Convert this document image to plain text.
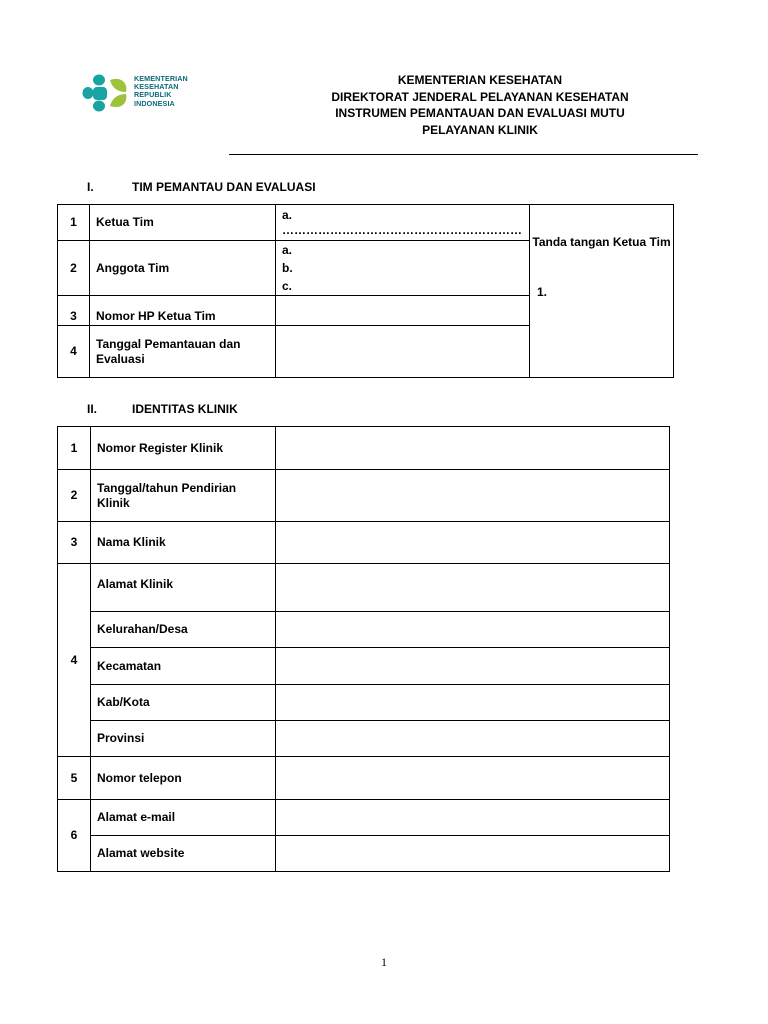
KEMENTERIAN
KESEHATAN
REPUBLIK
INDONESIA
KEMENTERIAN KESEHATAN
DIREKTORAT JENDERAL PELAYANAN KESEHATAN
INSTRUMEN PEMANTAUAN DAN EVALUASI MUTU
PELAYANAN KLINIK
I.	TIM PEMANTAU DAN EVALUASI
1	Ketua Tim	a. ……………………………………………………	Tanda tangan Ketua Tim
1.

2	Anggota Tim	a.
b.
c.	

3	Nomor HP Ketua Tim		
4	Tanggal Pemantauan dan Evaluasi		
II.	IDENTITAS KLINIK
1	Nomor Register Klinik	
2	Tanggal/tahun Pendirian Klinik	
3	Nama Klinik	
4	Alamat Klinik	
	Kelurahan/Desa	
	Kecamatan	
	Kab/Kota	
	Provinsi	
5	Nomor telepon	
6	Alamat e-mail	
	Alamat website	
1
